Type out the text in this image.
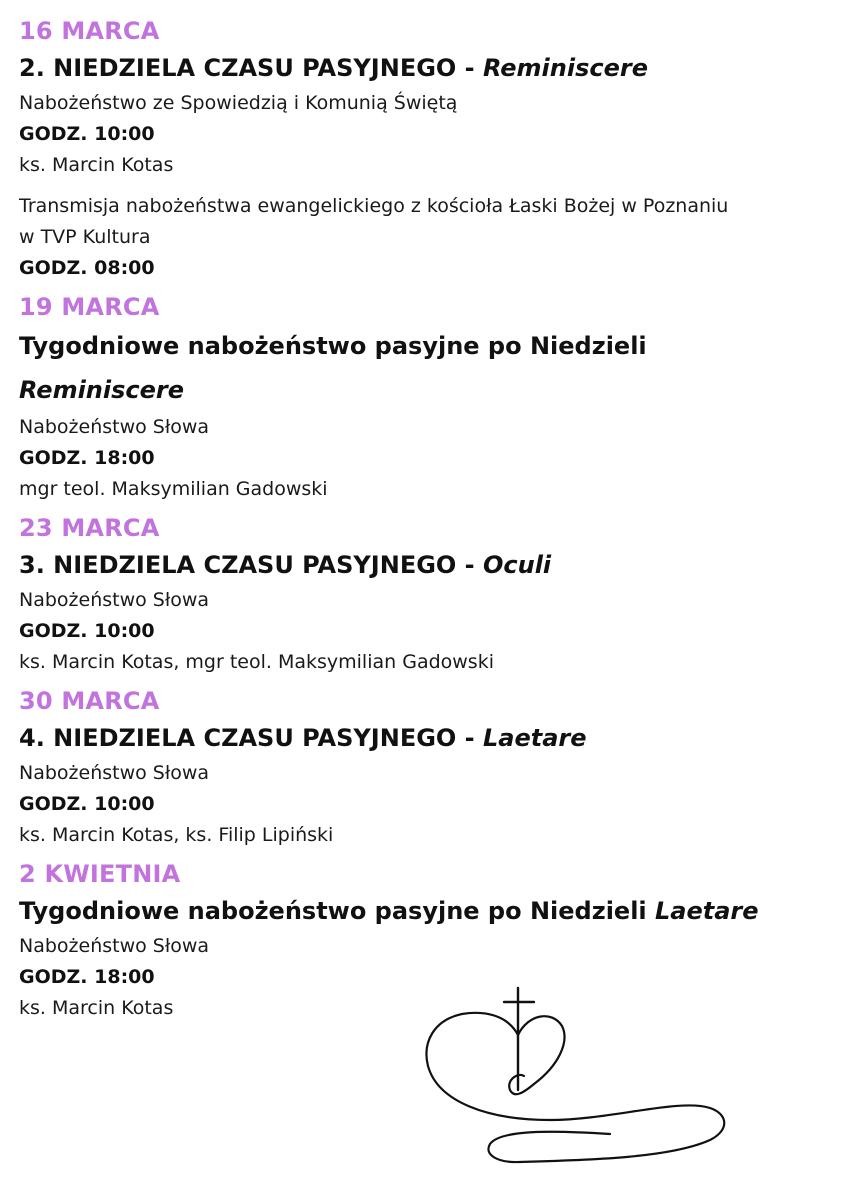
16 MARCA
2. NIEDZIELA CZASU PASYJNEGO - Reminiscere
Nabożeństwo ze Spowiedzią i Komunią Świętą
GODZ. 10:00
ks. Marcin Kotas
Transmisja nabożeństwa ewangelickiego z kościoła Łaski Bożej w Poznaniu
w TVP Kultura
GODZ. 08:00
19 MARCA
Tygodniowe nabożeństwo pasyjne po Niedzieli
Reminiscere
Nabożeństwo Słowa
GODZ. 18:00
mgr teol. Maksymilian Gadowski
23 MARCA
3. NIEDZIELA CZASU PASYJNEGO - Oculi
Nabożeństwo Słowa
GODZ. 10:00
ks. Marcin Kotas, mgr teol. Maksymilian Gadowski
30 MARCA
4. NIEDZIELA CZASU PASYJNEGO - Laetare
Nabożeństwo Słowa
GODZ. 10:00
ks. Marcin Kotas, ks. Filip Lipiński
2 KWIETNIA
Tygodniowe nabożeństwo pasyjne po Niedzieli Laetare
Nabożeństwo Słowa
GODZ. 18:00
ks. Marcin Kotas
